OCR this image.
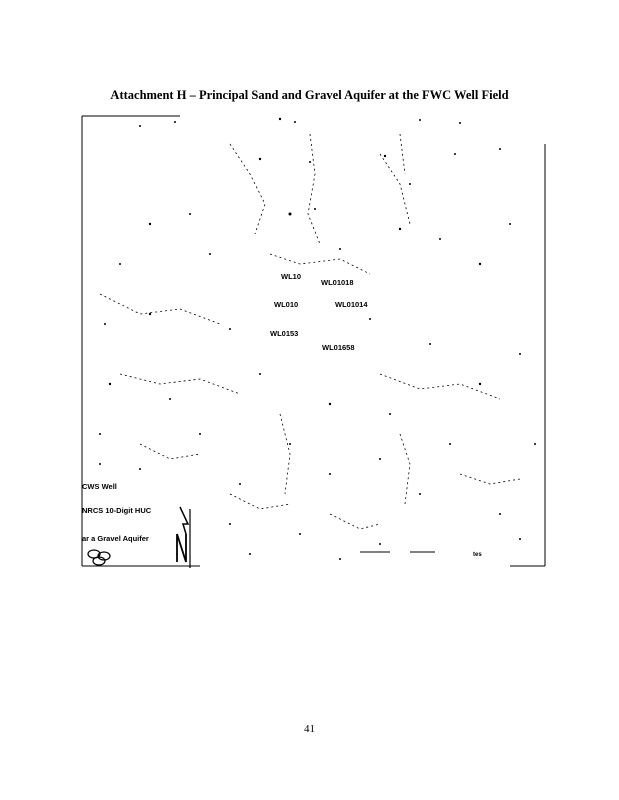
Attachment H – Principal Sand and Gravel Aquifer at the FWC Well Field
WL10
WL01018
WL010	WL01014
WL0153
WL01658
CWS Well
NRCS 10-Digit HUC
ar a Gravel Aquifer
tes
41
